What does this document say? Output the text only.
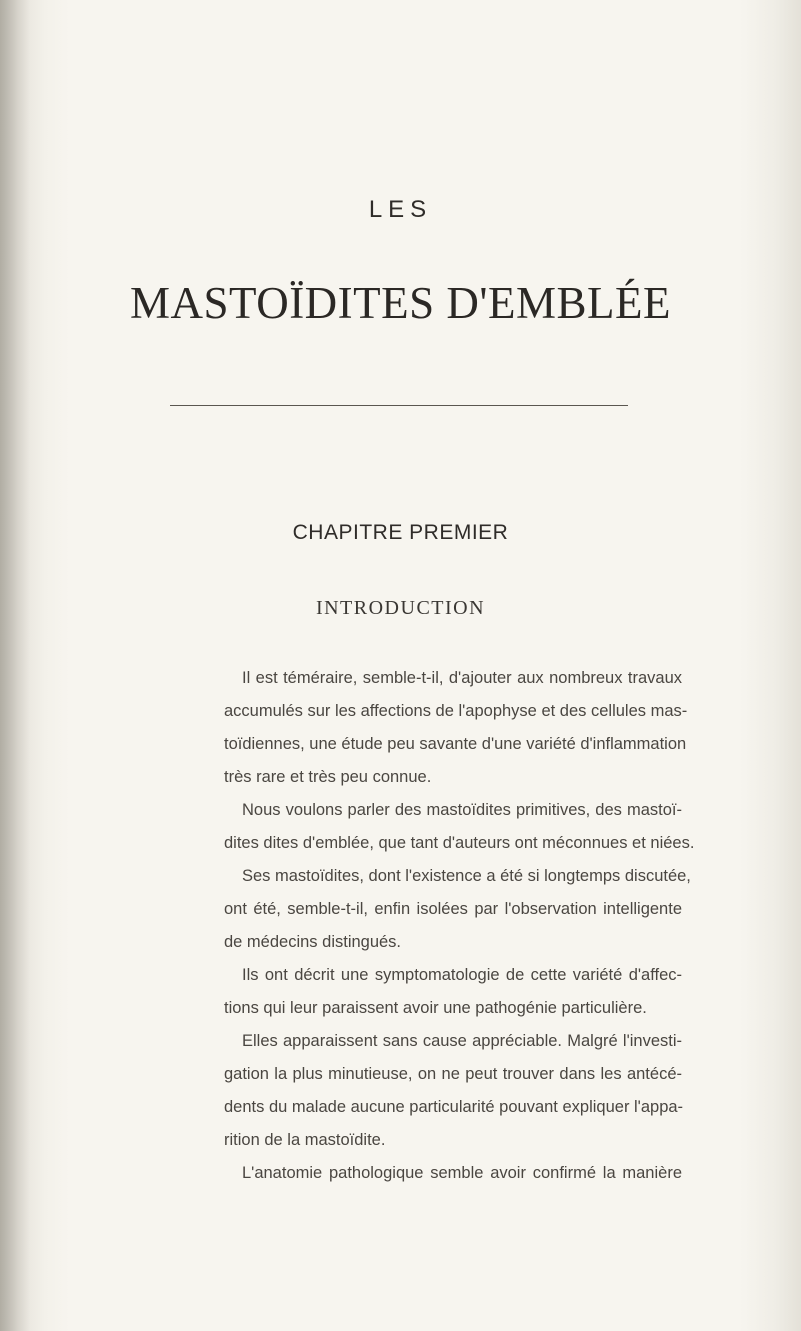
LES
MASTOÏDITES D'EMBLÉE
CHAPITRE PREMIER
INTRODUCTION
Il est téméraire, semble-t-il, d'ajouter aux nombreux travaux
accumulés sur les affections de l'apophyse et des cellules mas-
toïdiennes, une étude peu savante d'une variété d'inflammation
très rare et très peu connue.
Nous voulons parler des mastoïdites primitives, des mastoï-
dites dites d'emblée, que tant d'auteurs ont méconnues et niées.
Ses mastoïdites, dont l'existence a été si longtemps discutée,
ont été, semble-t-il, enfin isolées par l'observation intelligente
de médecins distingués.
Ils ont décrit une symptomatologie de cette variété d'affec-
tions qui leur paraissent avoir une pathogénie particulière.
Elles apparaissent sans cause appréciable. Malgré l'investi-
gation la plus minutieuse, on ne peut trouver dans les antécé-
dents du malade aucune particularité pouvant expliquer l'appa-
rition de la mastoïdite.
L'anatomie pathologique semble avoir confirmé la manière
